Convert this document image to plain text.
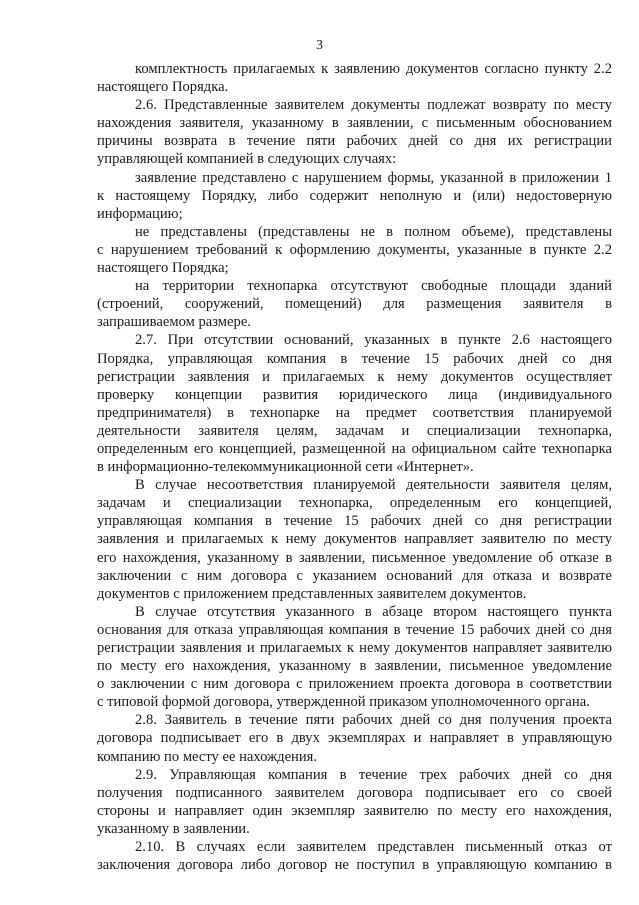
3
комплектность прилагаемых к заявлению документов согласно пункту 2.2
настоящего Порядка.
2.6. Представленные заявителем документы подлежат возврату по месту
нахождения заявителя, указанному в заявлении, с письменным обоснованием
причины возврата в течение пяти рабочих дней со дня их регистрации
управляющей компанией в следующих случаях:
заявление представлено с нарушением формы, указанной в приложении 1
к настоящему Порядку, либо содержит неполную и (или) недостоверную
информацию;
не представлены (представлены не в полном объеме), представлены
с нарушением требований к оформлению документы, указанные в пункте 2.2
настоящего Порядка;
на территории технопарка отсутствуют свободные площади зданий
(строений, сооружений, помещений) для размещения заявителя в
запрашиваемом размере.
2.7. При отсутствии оснований, указанных в пункте 2.6 настоящего
Порядка, управляющая компания в течение 15 рабочих дней со дня
регистрации заявления и прилагаемых к нему документов осуществляет
проверку концепции развития юридического лица (индивидуального
предпринимателя) в технопарке на предмет соответствия планируемой
деятельности заявителя целям, задачам и специализации технопарка,
определенным его концепцией, размещенной на официальном сайте технопарка
в информационно-телекоммуникационной сети «Интернет».
В случае несоответствия планируемой деятельности заявителя целям,
задачам и специализации технопарка, определенным его концепцией,
управляющая компания в течение 15 рабочих дней со дня регистрации
заявления и прилагаемых к нему документов направляет заявителю по месту
его нахождения, указанному в заявлении, письменное уведомление об отказе в
заключении с ним договора с указанием оснований для отказа и возврате
документов с приложением представленных заявителем документов.
В случае отсутствия указанного в абзаце втором настоящего пункта
основания для отказа управляющая компания в течение 15 рабочих дней со дня
регистрации заявления и прилагаемых к нему документов направляет заявителю
по месту его нахождения, указанному в заявлении, письменное уведомление
о заключении с ним договора с приложением проекта договора в соответствии
с типовой формой договора, утвержденной приказом уполномоченного органа.
2.8. Заявитель в течение пяти рабочих дней со дня получения проекта
договора подписывает его в двух экземплярах и направляет в управляющую
компанию по месту ее нахождения.
2.9. Управляющая компания в течение трех рабочих дней со дня
получения подписанного заявителем договора подписывает его со своей
стороны и направляет один экземпляр заявителю по месту его нахождения,
указанному в заявлении.
2.10. В случаях если заявителем представлен письменный отказ от
заключения договора либо договор не поступил в управляющую компанию в
